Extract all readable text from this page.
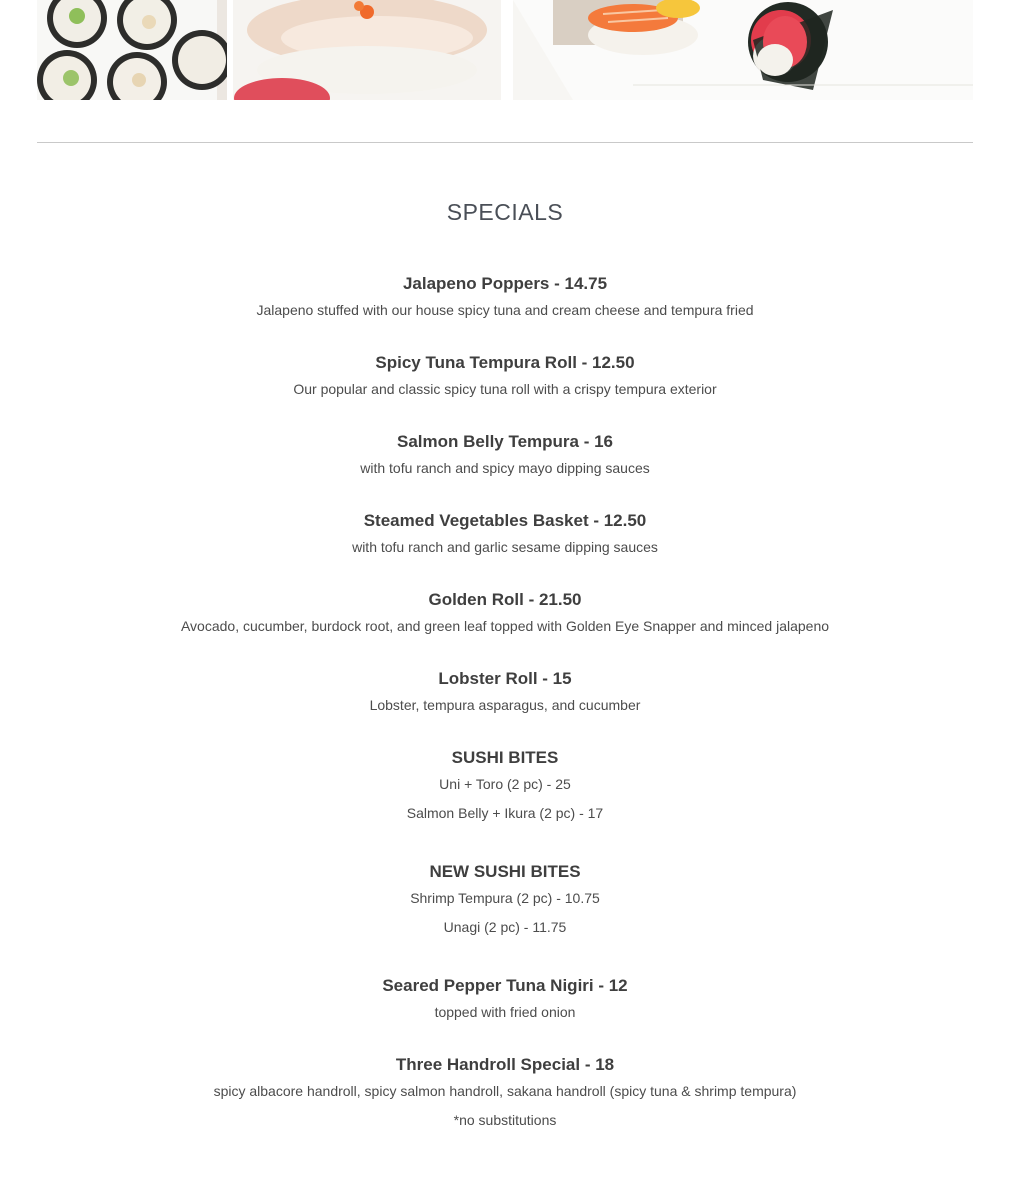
SPECIALS
Jalapeno Poppers - 14.75
Jalapeno stuffed with our house spicy tuna and cream cheese and tempura fried
Spicy Tuna Tempura Roll - 12.50
Our popular and classic spicy tuna roll with a crispy tempura exterior
Salmon Belly Tempura - 16
with tofu ranch and spicy mayo dipping sauces
Steamed Vegetables Basket - 12.50
with tofu ranch and garlic sesame dipping sauces
Golden Roll - 21.50
Avocado, cucumber, burdock root, and green leaf topped with Golden Eye Snapper and minced jalapeno
Lobster Roll - 15
Lobster, tempura asparagus, and cucumber
SUSHI BITES
Uni + Toro (2 pc) - 25
Salmon Belly + Ikura (2 pc) - 17
NEW SUSHI BITES
Shrimp Tempura (2 pc) - 10.75
Unagi (2 pc) - 11.75
Seared Pepper Tuna Nigiri - 12
topped with fried onion
Three Handroll Special - 18
spicy albacore handroll, spicy salmon handroll, sakana handroll (spicy tuna & shrimp tempura)
*no substitutions
